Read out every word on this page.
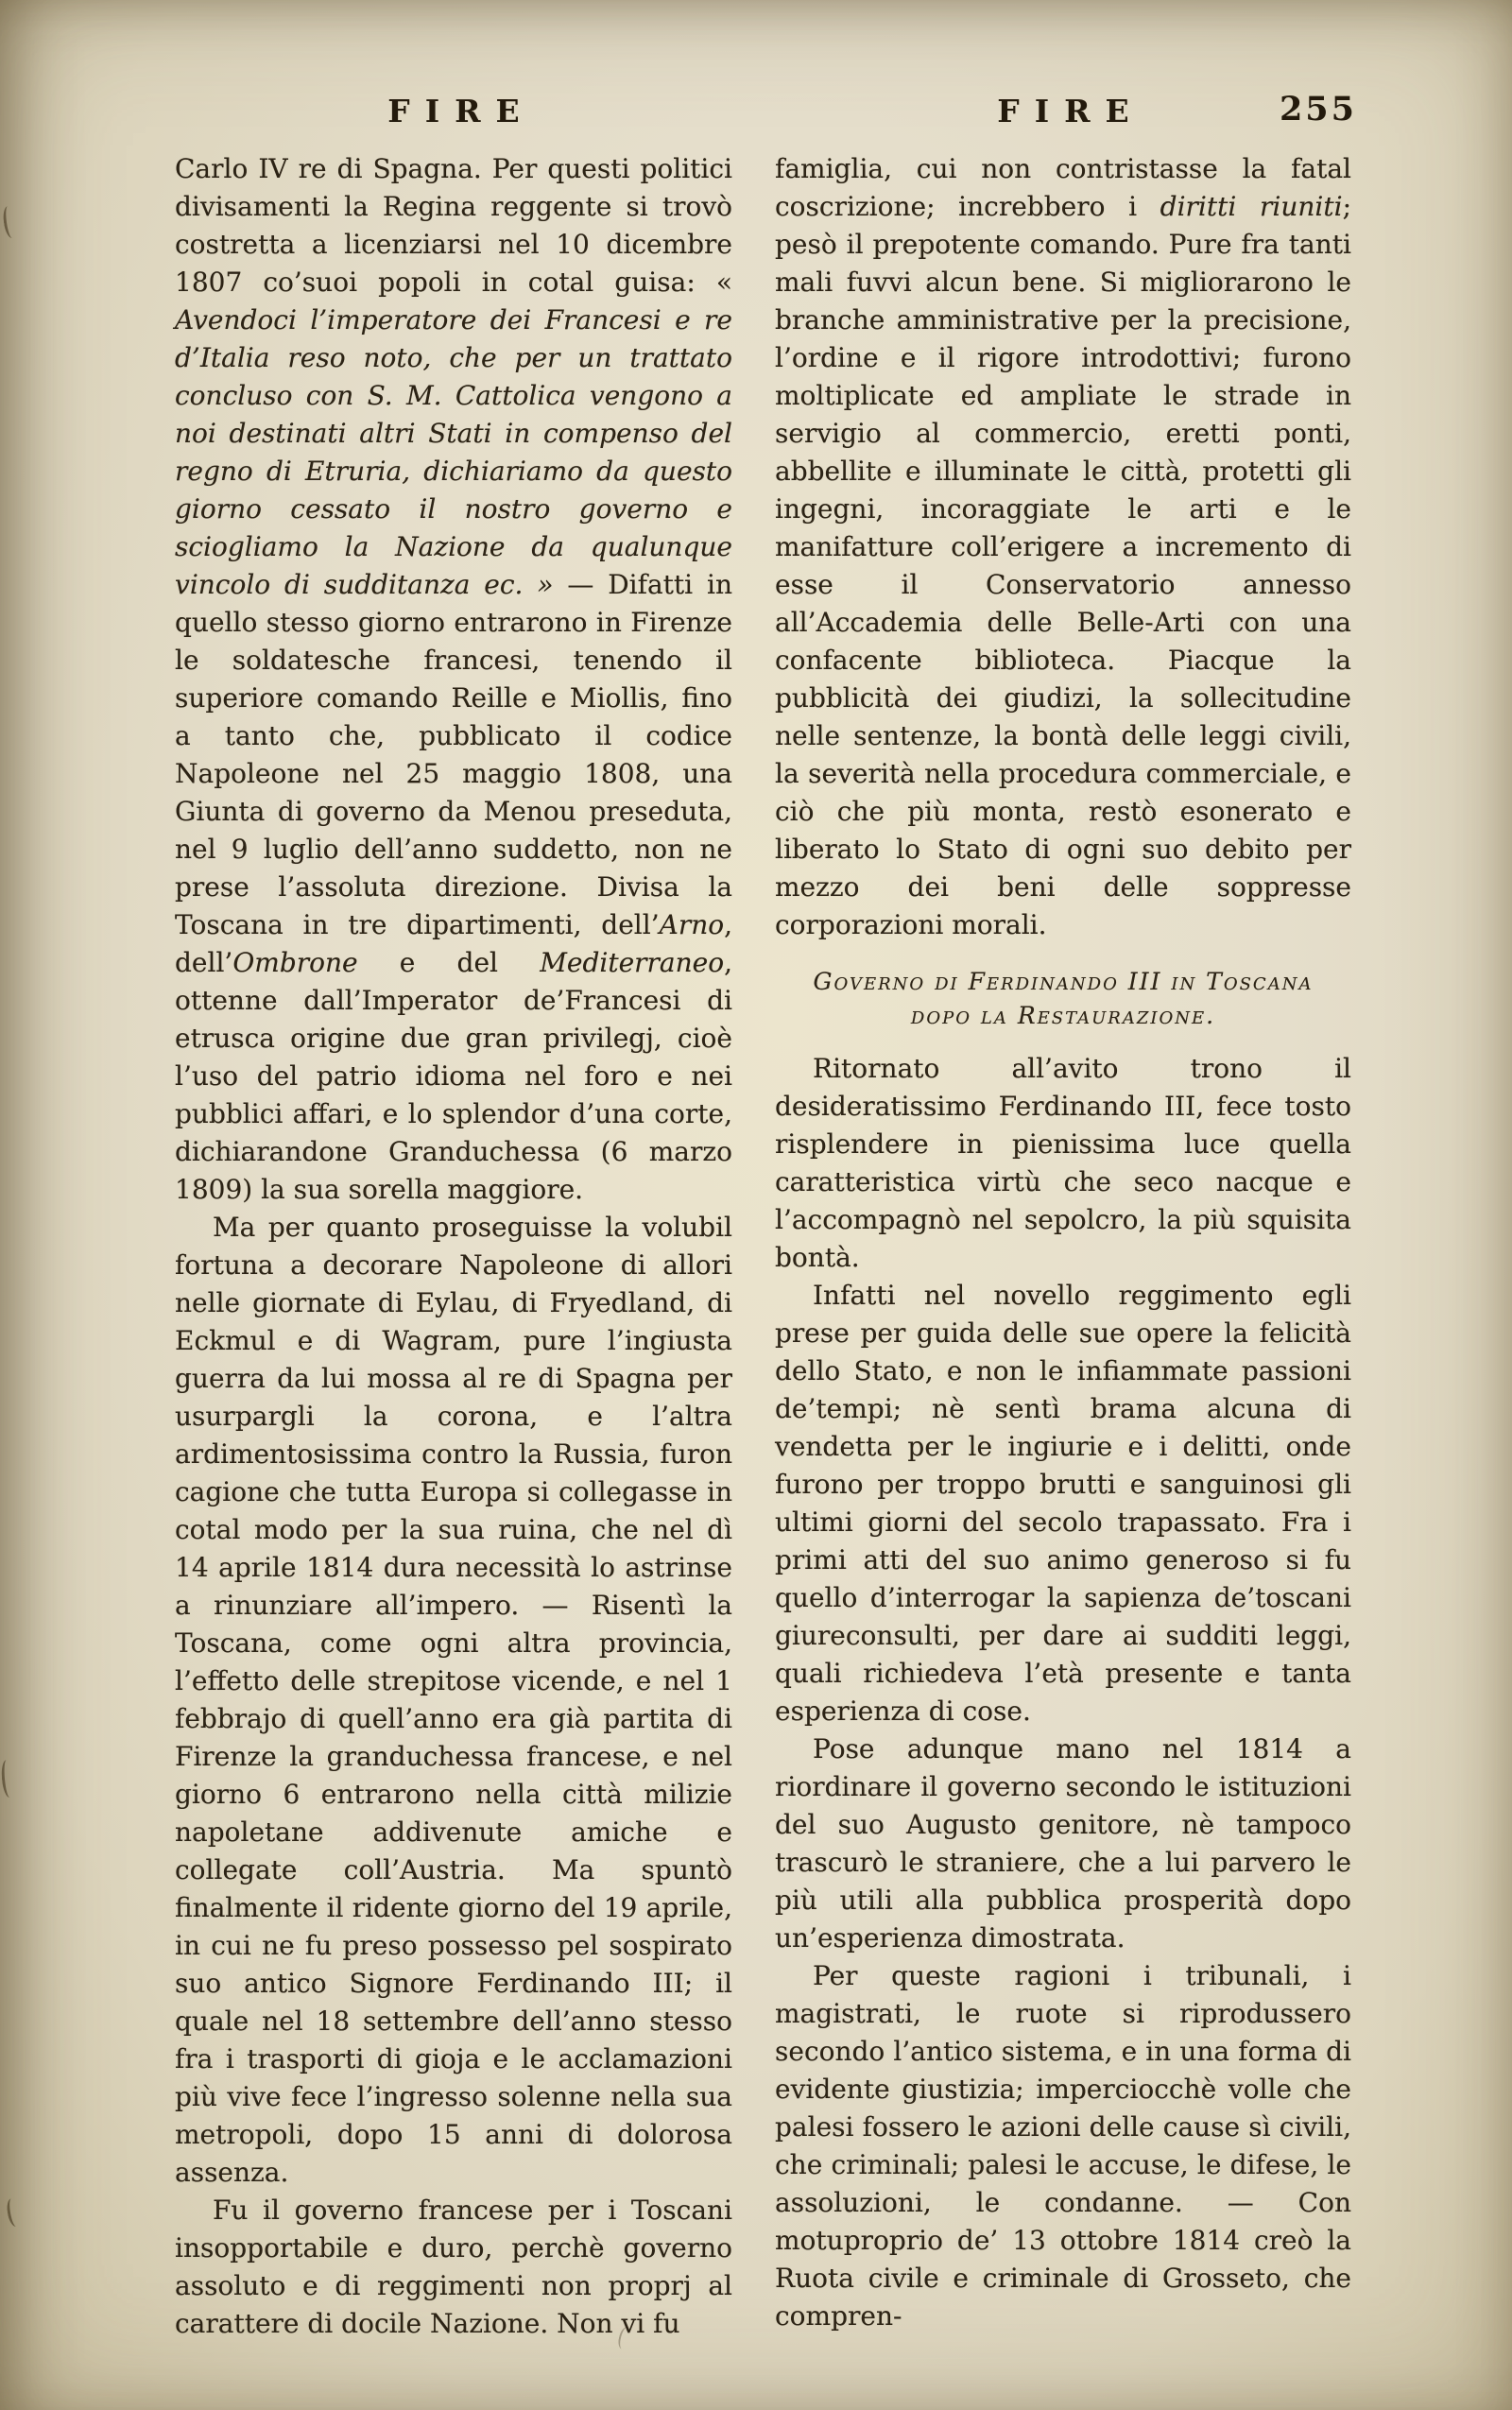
FIRE	FIRE	255

Carlo IV re di Spagna. Per questi politici divisamenti la Regina reggente si trovò costretta a licenziarsi nel 10 dicembre 1807 co’suoi popoli in cotal guisa: « Avendoci l’imperatore dei Francesi e re d’Italia reso noto, che per un trattato concluso con S. M. Cattolica vengono a noi destinati altri Stati in compenso del regno di Etruria, dichiariamo da questo giorno cessato il nostro governo e sciogliamo la Nazione da qualunque vincolo di sudditanza ec. » — Difatti in quello stesso giorno entrarono in Firenze le soldatesche francesi, tenendo il superiore comando Reille e Miollis, fino a tanto che, pubblicato il codice Napoleone nel 25 maggio 1808, una Giunta di governo da Menou preseduta, nel 9 luglio dell’anno suddetto, non ne prese l’assoluta direzione. Divisa la Toscana in tre dipartimenti, dell’Arno, dell’Ombrone e del Mediterraneo, ottenne dall’Imperator de’Francesi di etrusca origine due gran privilegj, cioè l’uso del patrio idioma nel foro e nei pubblici affari, e lo splendor d’una corte, dichiarandone Granduchessa (6 marzo 1809) la sua sorella maggiore.

Ma per quanto proseguisse la volubil fortuna a decorare Napoleone di allori nelle giornate di Eylau, di Fryedland, di Eckmul e di Wagram, pure l’ingiusta guerra da lui mossa al re di Spagna per usurpargli la corona, e l’altra ardimentosissima contro la Russia, furon cagione che tutta Europa si collegasse in cotal modo per la sua ruina, che nel dì 14 aprile 1814 dura necessità lo astrinse a rinunziare all’impero. — Risentì la Toscana, come ogni altra provincia, l’effetto delle strepitose vicende, e nel 1 febbrajo di quell’anno era già partita di Firenze la granduchessa francese, e nel giorno 6 entrarono nella città milizie napoletane addivenute amiche e collegate coll’Austria. Ma spuntò finalmente il ridente giorno del 19 aprile, in cui ne fu preso possesso pel sospirato suo antico Signore Ferdinando III; il quale nel 18 settembre dell’anno stesso fra i trasporti di gioja e le acclamazioni più vive fece l’ingresso solenne nella sua metropoli, dopo 15 anni di dolorosa assenza.

Fu il governo francese per i Toscani insopportabile e duro, perchè governo assoluto e di reggimenti non proprj al carattere di docile Nazione. Non vi fu

famiglia, cui non contristasse la fatal coscrizione; increbbero i diritti riuniti; pesò il prepotente comando. Pure fra tanti mali fuvvi alcun bene. Si migliorarono le branche amministrative per la precisione, l’ordine e il rigore introdottivi; furono moltiplicate ed ampliate le strade in servigio al commercio, eretti ponti, abbellite e illuminate le città, protetti gli ingegni, incoraggiate le arti e le manifatture coll’erigere a incremento di esse il Conservatorio annesso all’Accademia delle Belle-Arti con una confacente biblioteca. Piacque la pubblicità dei giudizi, la sollecitudine nelle sentenze, la bontà delle leggi civili, la severità nella procedura commerciale, e ciò che più monta, restò esonerato e liberato lo Stato di ogni suo debito per mezzo dei beni delle soppresse corporazioni morali.

Governo di Ferdinando III in Toscana
dopo la Restaurazione.

Ritornato all’avito trono il desideratissimo Ferdinando III, fece tosto risplendere in pienissima luce quella caratteristica virtù che seco nacque e l’accompagnò nel sepolcro, la più squisita bontà.

Infatti nel novello reggimento egli prese per guida delle sue opere la felicità dello Stato, e non le infiammate passioni de’tempi; nè sentì brama alcuna di vendetta per le ingiurie e i delitti, onde furono per troppo brutti e sanguinosi gli ultimi giorni del secolo trapassato. Fra i primi atti del suo animo generoso si fu quello d’interrogar la sapienza de’toscani giureconsulti, per dare ai sudditi leggi, quali richiedeva l’età presente e tanta esperienza di cose.

Pose adunque mano nel 1814 a riordinare il governo secondo le istituzioni del suo Augusto genitore, nè tampoco trascurò le straniere, che a lui parvero le più utili alla pubblica prosperità dopo un’esperienza dimostrata.

Per queste ragioni i tribunali, i magistrati, le ruote si riprodussero secondo l’antico sistema, e in una forma di evidente giustizia; imperciocchè volle che palesi fossero le azioni delle cause sì civili, che criminali; palesi le accuse, le difese, le assoluzioni, le condanne. — Con motuproprio de’ 13 ottobre 1814 creò la Ruota civile e criminale di Grosseto, che compren-
